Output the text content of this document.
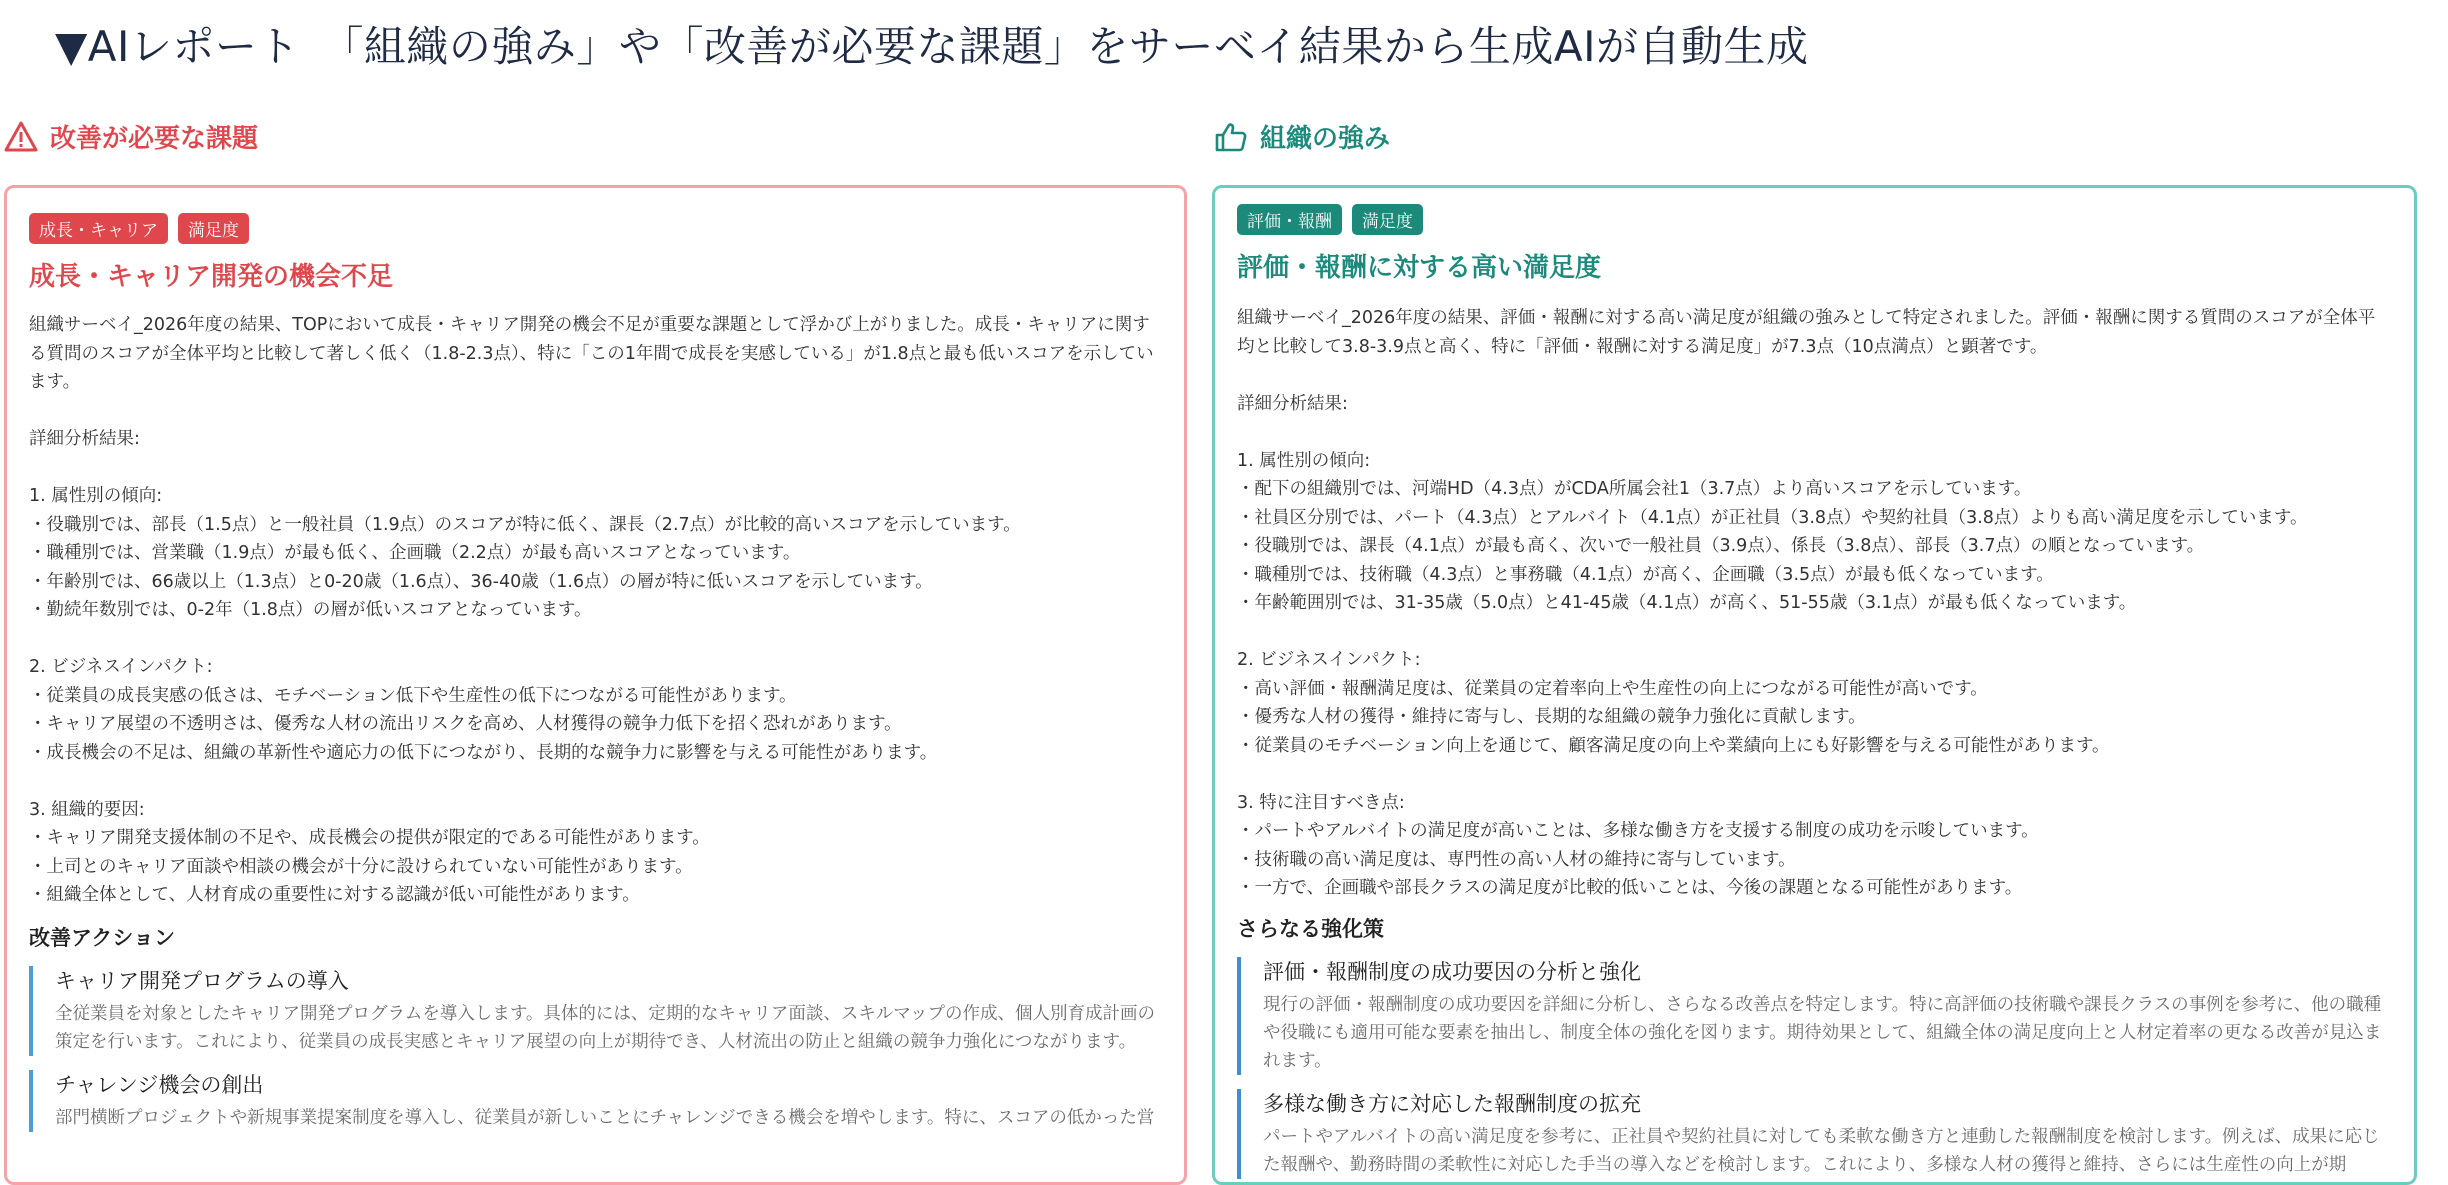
▼AIレポート　「組織の強み」や「改善が必要な課題」をサーベイ結果から生成AIが自動生成
改善が必要な課題
成長・キャリア	満足度
成長・キャリア開発の機会不足
組織サーベイ_2026年度の結果、TOPにおいて成長・キャリア開発の機会不足が重要な課題として浮かび上がりました。成長・キャリアに関する質問のスコアが全体平均と比較して著しく低く（1.8-2.3点）、特に「この1年間で成長を実感している」が1.8点と最も低いスコアを示しています。

詳細分析結果:

1. 属性別の傾向:
・役職別では、部長（1.5点）と一般社員（1.9点）のスコアが特に低く、課長（2.7点）が比較的高いスコアを示しています。
・職種別では、営業職（1.9点）が最も低く、企画職（2.2点）が最も高いスコアとなっています。
・年齢別では、66歳以上（1.3点）と0-20歳（1.6点）、36-40歳（1.6点）の層が特に低いスコアを示しています。
・勤続年数別では、0-2年（1.8点）の層が低いスコアとなっています。

2. ビジネスインパクト:
・従業員の成長実感の低さは、モチベーション低下や生産性の低下につながる可能性があります。
・キャリア展望の不透明さは、優秀な人材の流出リスクを高め、人材獲得の競争力低下を招く恐れがあります。
・成長機会の不足は、組織の革新性や適応力の低下につながり、長期的な競争力に影響を与える可能性があります。

3. 組織的要因:
・キャリア開発支援体制の不足や、成長機会の提供が限定的である可能性があります。
・上司とのキャリア面談や相談の機会が十分に設けられていない可能性があります。
・組織全体として、人材育成の重要性に対する認識が低い可能性があります。
改善アクション
キャリア開発プログラムの導入
全従業員を対象としたキャリア開発プログラムを導入します。具体的には、定期的なキャリア面談、スキルマップの作成、個人別育成計画の策定を行います。これにより、従業員の成長実感とキャリア展望の向上が期待でき、人材流出の防止と組織の競争力強化につながります。
チャレンジ機会の創出
部門横断プロジェクトや新規事業提案制度を導入し、従業員が新しいことにチャレンジできる機会を増やします。特に、スコアの低かった営
組織の強み
評価・報酬	満足度
評価・報酬に対する高い満足度
組織サーベイ_2026年度の結果、評価・報酬に対する高い満足度が組織の強みとして特定されました。評価・報酬に関する質問のスコアが全体平均と比較して3.8-3.9点と高く、特に「評価・報酬に対する満足度」が7.3点（10点満点）と顕著です。

詳細分析結果:

1. 属性別の傾向:
・配下の組織別では、河端HD（4.3点）がCDA所属会社1（3.7点）より高いスコアを示しています。
・社員区分別では、パート（4.3点）とアルバイト（4.1点）が正社員（3.8点）や契約社員（3.8点）よりも高い満足度を示しています。
・役職別では、課長（4.1点）が最も高く、次いで一般社員（3.9点）、係長（3.8点）、部長（3.7点）の順となっています。
・職種別では、技術職（4.3点）と事務職（4.1点）が高く、企画職（3.5点）が最も低くなっています。
・年齢範囲別では、31-35歳（5.0点）と41-45歳（4.1点）が高く、51-55歳（3.1点）が最も低くなっています。

2. ビジネスインパクト:
・高い評価・報酬満足度は、従業員の定着率向上や生産性の向上につながる可能性が高いです。
・優秀な人材の獲得・維持に寄与し、長期的な組織の競争力強化に貢献します。
・従業員のモチベーション向上を通じて、顧客満足度の向上や業績向上にも好影響を与える可能性があります。

3. 特に注目すべき点:
・パートやアルバイトの満足度が高いことは、多様な働き方を支援する制度の成功を示唆しています。
・技術職の高い満足度は、専門性の高い人材の維持に寄与しています。
・一方で、企画職や部長クラスの満足度が比較的低いことは、今後の課題となる可能性があります。
さらなる強化策
評価・報酬制度の成功要因の分析と強化
現行の評価・報酬制度の成功要因を詳細に分析し、さらなる改善点を特定します。特に高評価の技術職や課長クラスの事例を参考に、他の職種や役職にも適用可能な要素を抽出し、制度全体の強化を図ります。期待効果として、組織全体の満足度向上と人材定着率の更なる改善が見込まれます。
多様な働き方に対応した報酬制度の拡充
パートやアルバイトの高い満足度を参考に、正社員や契約社員に対しても柔軟な働き方と連動した報酬制度を検討します。例えば、成果に応じた報酬や、勤務時間の柔軟性に対応した手当の導入などを検討します。これにより、多様な人材の獲得と維持、さらには生産性の向上が期
